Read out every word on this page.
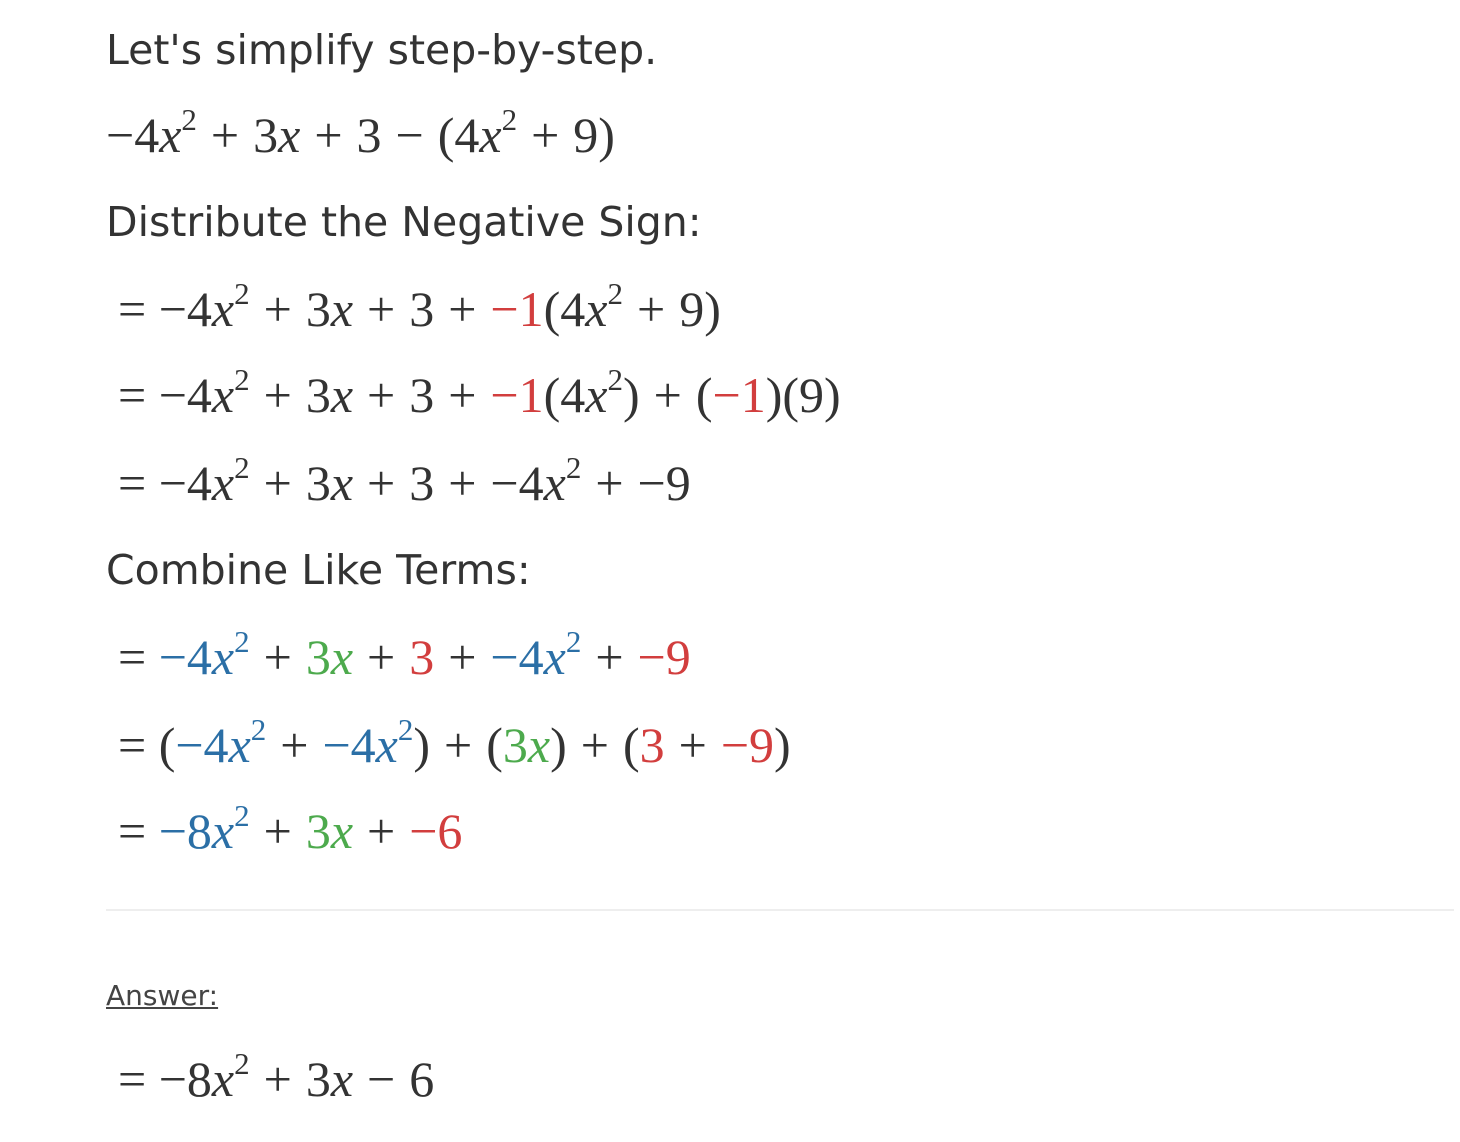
Let's simplify step-by-step.
$-4x^2 + 3x + 3 - (4x^2 + 9)$
Distribute the Negative Sign:
= $-4x^2 + 3x + 3 + -1(4x^2 + 9)$
= $-4x^2 + 3x + 3 + -1(4x^2) + (-1)(9)$
= $-4x^2 + 3x + 3 + -4x^2 + -9$
Combine Like Terms:
= $-4x^2 + 3x + 3 + -4x^2 + -9$
= $(-4x^2 + -4x^2) + (3x) + (3 + -9)$
= $-8x^2 + 3x + -6$
Answer:
= $-8x^2 + 3x - 6$
